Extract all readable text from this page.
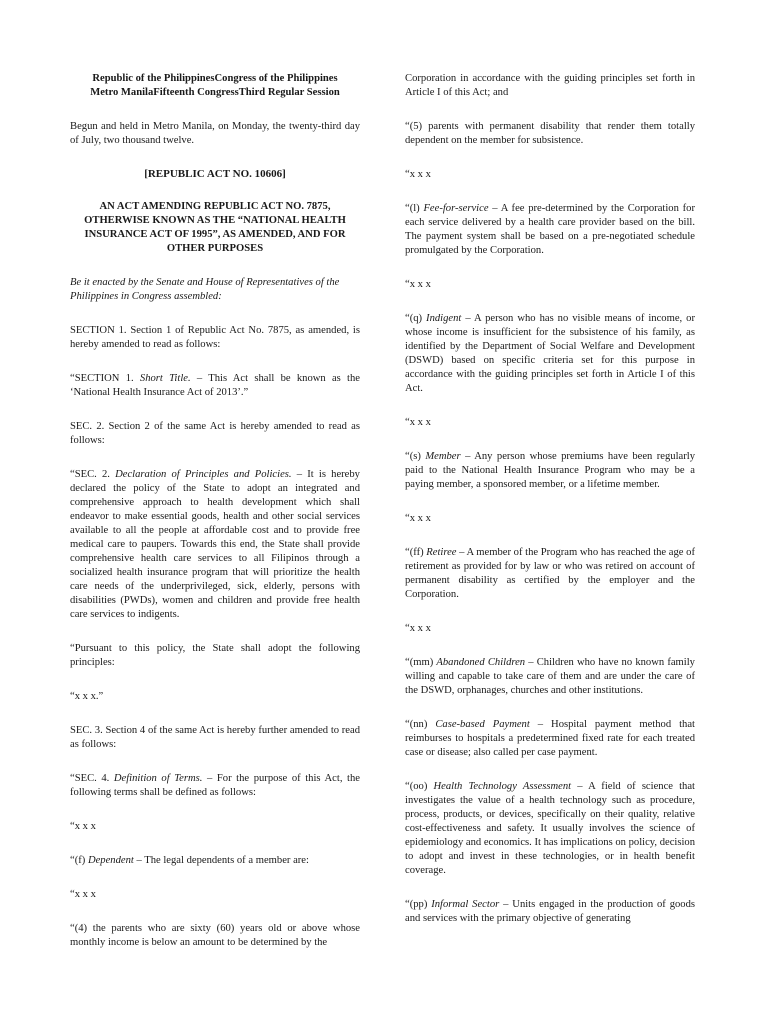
Republic of the PhilippinesCongress of the Philippines
Metro ManilaFifteenth CongressThird Regular Session

Begun and held in Metro Manila, on Monday, the twenty-third day of July, two thousand twelve.

[REPUBLIC ACT NO. 10606]
AN ACT AMENDING REPUBLIC ACT NO. 7875, OTHERWISE KNOWN AS THE “NATIONAL HEALTH INSURANCE ACT OF 1995”, AS AMENDED, AND FOR OTHER PURPOSES

Be it enacted by the Senate and House of Representatives of the Philippines in Congress assembled:

SECTION 1. Section 1 of Republic Act No. 7875, as amended, is hereby amended to read as follows:

“SECTION 1. Short Title. – This Act shall be known as the ‘National Health Insurance Act of 2013’.”

SEC. 2. Section 2 of the same Act is hereby amended to read as follows:

“SEC. 2. Declaration of Principles and Policies. – It is hereby declared the policy of the State to adopt an integrated and comprehensive approach to health development which shall endeavor to make essential goods, health and other social services available to all the people at affordable cost and to provide free medical care to paupers. Towards this end, the State shall provide comprehensive health care services to all Filipinos through a socialized health insurance program that will prioritize the health care needs of the underprivileged, sick, elderly, persons with disabilities (PWDs), women and children and provide free health care services to indigents.

“Pursuant to this policy, the State shall adopt the following principles:

“x x x.”

SEC. 3. Section 4 of the same Act is hereby further amended to read as follows:

“SEC. 4. Definition of Terms. – For the purpose of this Act, the following terms shall be defined as follows:

“x x x

“(f) Dependent – The legal dependents of a member are:

“x x x

“(4) the parents who are sixty (60) years old or above whose monthly income is below an amount to be determined by the

Corporation in accordance with the guiding principles set forth in Article I of this Act; and

“(5) parents with permanent disability that render them totally dependent on the member for subsistence.

“x x x

“(l) Fee-for-service – A fee pre-determined by the Corporation for each service delivered by a health care provider based on the bill. The payment system shall be based on a pre-negotiated schedule promulgated by the Corporation.

“x x x

“(q) Indigent – A person who has no visible means of income, or whose income is insufficient for the subsistence of his family, as identified by the Department of Social Welfare and Development (DSWD) based on specific criteria set for this purpose in accordance with the guiding principles set forth in Article I of this Act.

“x x x

“(s) Member – Any person whose premiums have been regularly paid to the National Health Insurance Program who may be a paying member, a sponsored member, or a lifetime member.

“x x x

“(ff) Retiree – A member of the Program who has reached the age of retirement as provided for by law or who was retired on account of permanent disability as certified by the employer and the Corporation.

“x x x

“(mm) Abandoned Children – Children who have no known family willing and capable to take care of them and are under the care of the DSWD, orphanages, churches and other institutions.

“(nn) Case-based Payment – Hospital payment method that reimburses to hospitals a predetermined fixed rate for each treated case or disease; also called per case payment.

“(oo) Health Technology Assessment – A field of science that investigates the value of a health technology such as procedure, process, products, or devices, specifically on their quality, relative cost-effectiveness and safety. It usually involves the science of epidemiology and economics. It has implications on policy, decision to adopt and invest in these technologies, or in health benefit coverage.

“(pp) Informal Sector – Units engaged in the production of goods and services with the primary objective of generating
